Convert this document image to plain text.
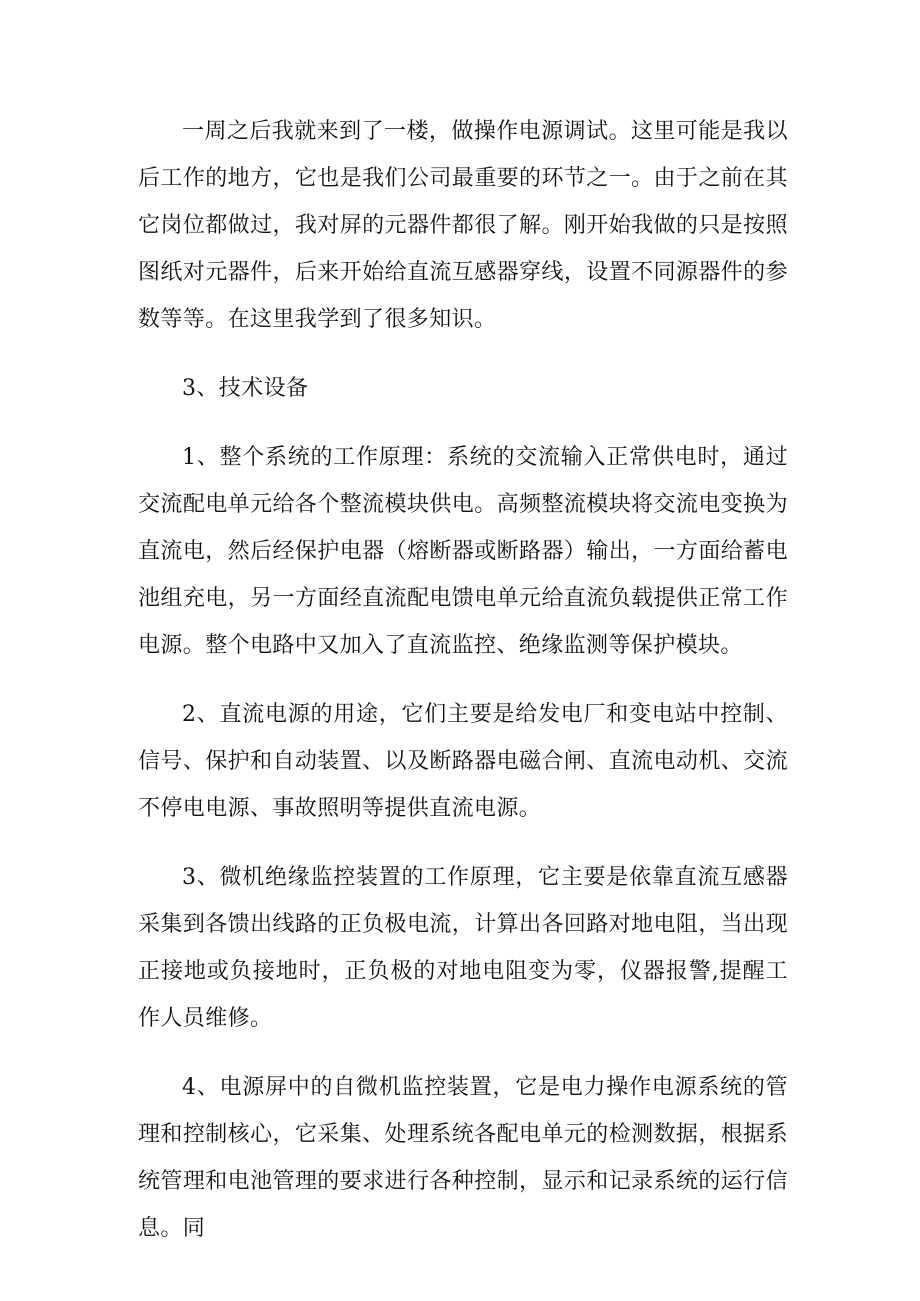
一周之后我就来到了一楼，做操作电源调试。这里可能是我以后工作的地方，它也是我们公司最重要的环节之一。由于之前在其它岗位都做过，我对屏的元器件都很了解。刚开始我做的只是按照图纸对元器件，后来开始给直流互感器穿线，设置不同源器件的参数等等。在这里我学到了很多知识。

3、技术设备

1、整个系统的工作原理：系统的交流输入正常供电时，通过交流配电单元给各个整流模块供电。高频整流模块将交流电变换为直流电，然后经保护电器（熔断器或断路器）输出，一方面给蓄电池组充电，另一方面经直流配电馈电单元给直流负载提供正常工作电源。整个电路中又加入了直流监控、绝缘监测等保护模块。

2、直流电源的用途，它们主要是给发电厂和变电站中控制、信号、保护和自动装置、以及断路器电磁合闸、直流电动机、交流不停电电源、事故照明等提供直流电源。

3、微机绝缘监控装置的工作原理，它主要是依靠直流互感器采集到各馈出线路的正负极电流，计算出各回路对地电阻，当出现正接地或负接地时，正负极的对地电阻变为零，仪器报警,提醒工作人员维修。

4、电源屏中的自微机监控装置，它是电力操作电源系统的管理和控制核心，它采集、处理系统各配电单元的检测数据，根据系统管理和电池管理的要求进行各种控制，显示和记录系统的运行信息。同
